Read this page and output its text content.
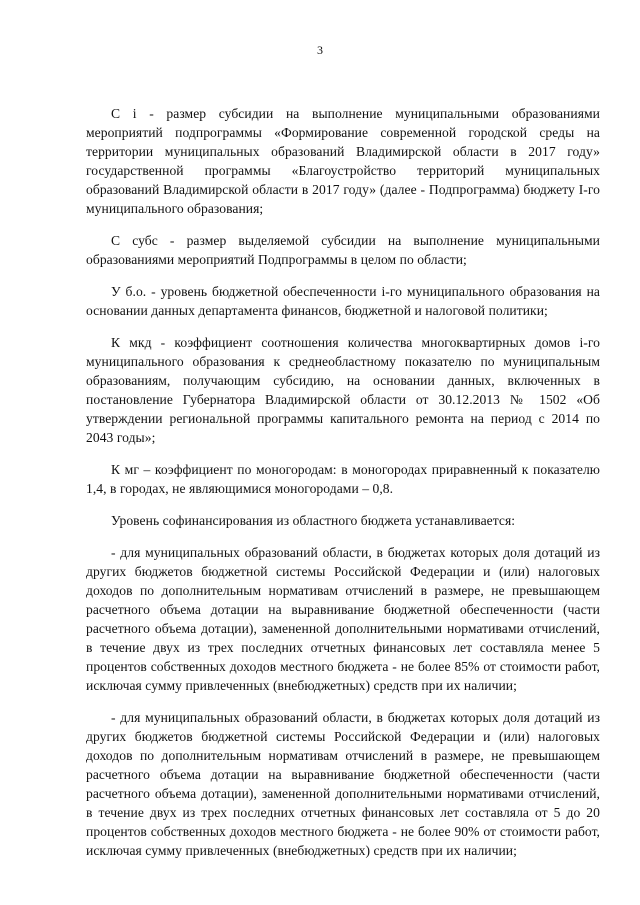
3

С i - размер субсидии на выполнение муниципальными образованиями мероприятий подпрограммы «Формирование современной городской среды на территории муниципальных образований Владимирской области в 2017 году» государственной программы «Благоустройство территорий муниципальных образований Владимирской области в 2017 году» (далее - Подпрограмма) бюджету I-го муниципального образования;

С субс - размер выделяемой субсидии на выполнение муниципальными образованиями мероприятий Подпрограммы в целом по области;

У б.о. - уровень бюджетной обеспеченности i-го муниципального образования на основании данных департамента финансов, бюджетной и налоговой политики;

К мкд - коэффициент соотношения количества многоквартирных домов i-го муниципального образования к среднеобластному показателю по муниципальным образованиям, получающим субсидию, на основании данных, включенных в постановление Губернатора Владимирской области от 30.12.2013 № 1502 «Об утверждении региональной программы капитального ремонта на период с 2014 по 2043 годы»;

К мг – коэффициент по моногородам: в моногородах приравненный к показателю 1,4, в городах, не являющимися моногородами – 0,8.

Уровень софинансирования из областного бюджета устанавливается:

- для муниципальных образований области, в бюджетах которых доля дотаций из других бюджетов бюджетной системы Российской Федерации и (или) налоговых доходов по дополнительным нормативам отчислений в размере, не превышающем расчетного объема дотации на выравнивание бюджетной обеспеченности (части расчетного объема дотации), замененной дополнительными нормативами отчислений, в течение двух из трех последних отчетных финансовых лет составляла менее 5 процентов собственных доходов местного бюджета - не более 85% от стоимости работ, исключая сумму привлеченных (внебюджетных) средств при их наличии;

- для муниципальных образований области, в бюджетах которых доля дотаций из других бюджетов бюджетной системы Российской Федерации и (или) налоговых доходов по дополнительным нормативам отчислений в размере, не превышающем расчетного объема дотации на выравнивание бюджетной обеспеченности (части расчетного объема дотации), замененной дополнительными нормативами отчислений, в течение двух из трех последних отчетных финансовых лет составляла от 5 до 20 процентов собственных доходов местного бюджета - не более 90% от стоимости работ, исключая сумму привлеченных (внебюджетных) средств при их наличии;
